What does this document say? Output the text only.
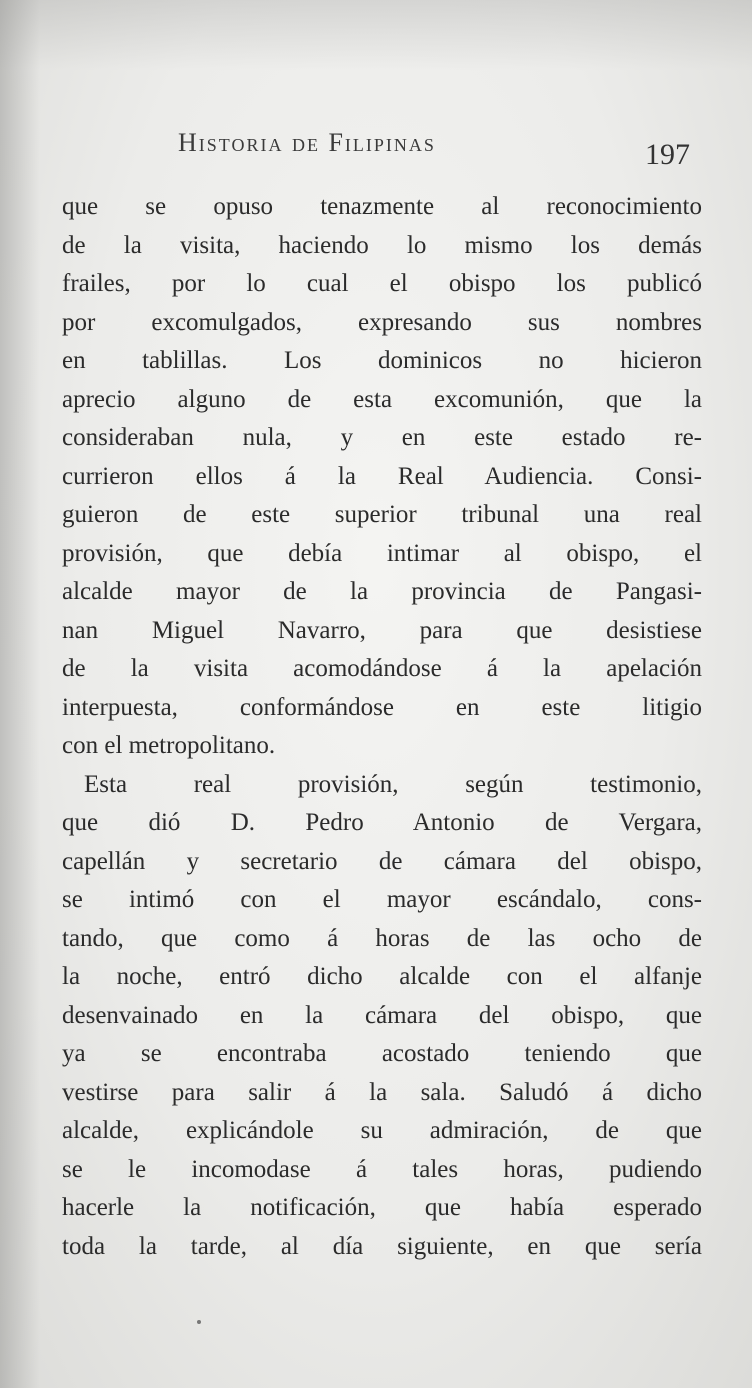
Historia de Filipinas	197
que se opuso tenazmente al reconocimiento
de la visita, haciendo lo mismo los demás
frailes, por lo cual el obispo los publicó
por excomulgados, expresando sus nombres
en tablillas. Los dominicos no hicieron
aprecio alguno de esta excomunión, que la
consideraban nula, y en este estado re-
currieron ellos á la Real Audiencia. Consi-
guieron de este superior tribunal una real
provisión, que debía intimar al obispo, el
alcalde mayor de la provincia de Pangasi-
nan Miguel Navarro, para que desistiese
de la visita acomodándose á la apelación
interpuesta, conformándose en este litigio
con el metropolitano.
Esta real provisión, según testimonio,
que dió D. Pedro Antonio de Vergara,
capellán y secretario de cámara del obispo,
se intimó con el mayor escándalo, cons-
tando, que como á horas de las ocho de
la noche, entró dicho alcalde con el alfanje
desenvainado en la cámara del obispo, que
ya se encontraba acostado teniendo que
vestirse para salir á la sala. Saludó á dicho
alcalde, explicándole su admiración, de que
se le incomodase á tales horas, pudiendo
hacerle la notificación, que había esperado
toda la tarde, al día siguiente, en que sería
